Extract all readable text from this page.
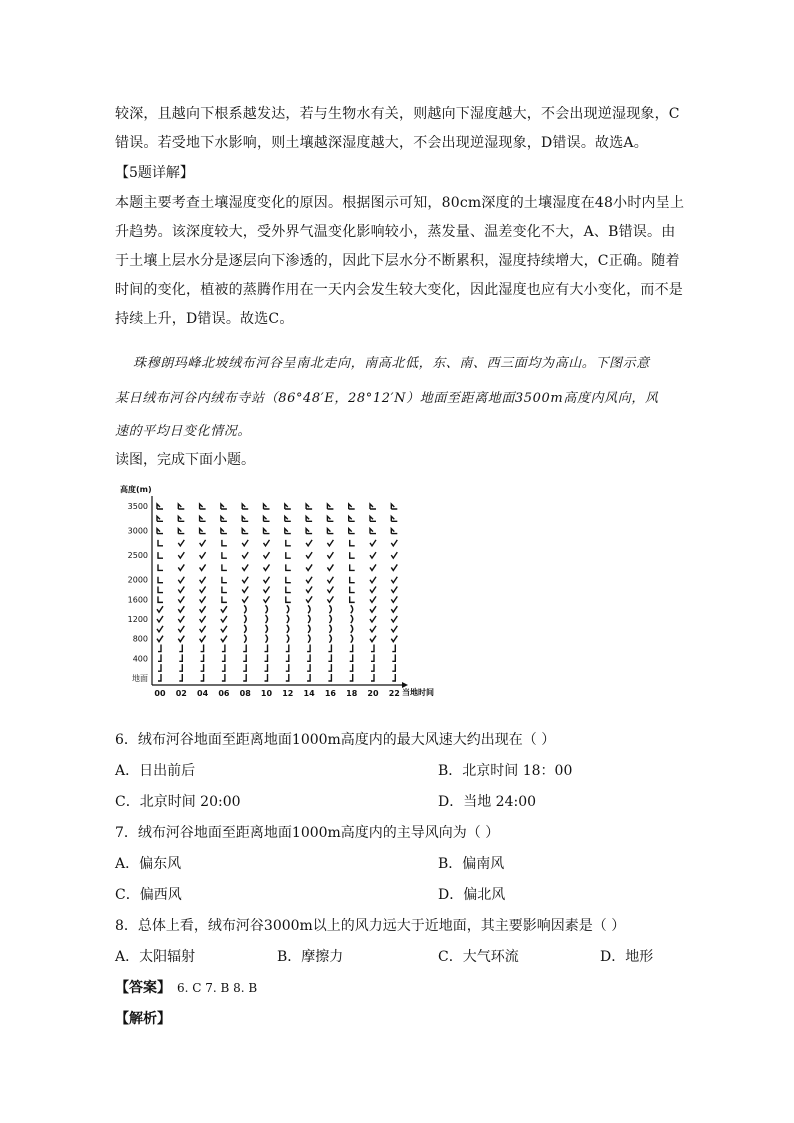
较深，且越向下根系越发达，若与生物水有关，则越向下湿度越大，不会出现逆湿现象，C错误。若受地下水影响，则土壤越深湿度越大，不会出现逆湿现象，D错误。故选A。
【5题详解】
本题主要考查土壤湿度变化的原因。根据图示可知，80cm深度的土壤湿度在48小时内呈上升趋势。该深度较大，受外界气温变化影响较小，蒸发量、温差变化不大，A、B错误。由于土壤上层水分是逐层向下渗透的，因此下层水分不断累积，湿度持续增大，C正确。随着时间的变化，植被的蒸腾作用在一天内会发生较大变化，因此湿度也应有大小变化，而不是持续上升，D错误。故选C。
珠穆朗玛峰北坡绒布河谷呈南北走向，南高北低，东、南、西三面均为高山。下图示意
某日绒布河谷内绒布寺站（86°48′E，28°12′N）地面至距离地面3500m高度内风向，风
速的平均日变化情况。
读图，完成下面小题。
高度(m)
当地时间
3500
3000
2500
2000
1600
1200
800
400
地面
00 02 04 06 08 10 12 14 16 18 20 22
6．绒布河谷地面至距离地面1000m高度内的最大风速大约出现在（ ）
A．日出前后	B．北京时间 18：00
C．北京时间 20:00	D．当地 24:00
7．绒布河谷地面至距离地面1000m高度内的主导风向为（ ）
A．偏东风	B．偏南风
C．偏西风	D．偏北风
8．总体上看，绒布河谷3000m以上的风力远大于近地面，其主要影响因素是（ ）
A．太阳辐射	B．摩擦力	C．大气环流	D．地形
【答案】 6. C 7. B 8. B
【解析】
